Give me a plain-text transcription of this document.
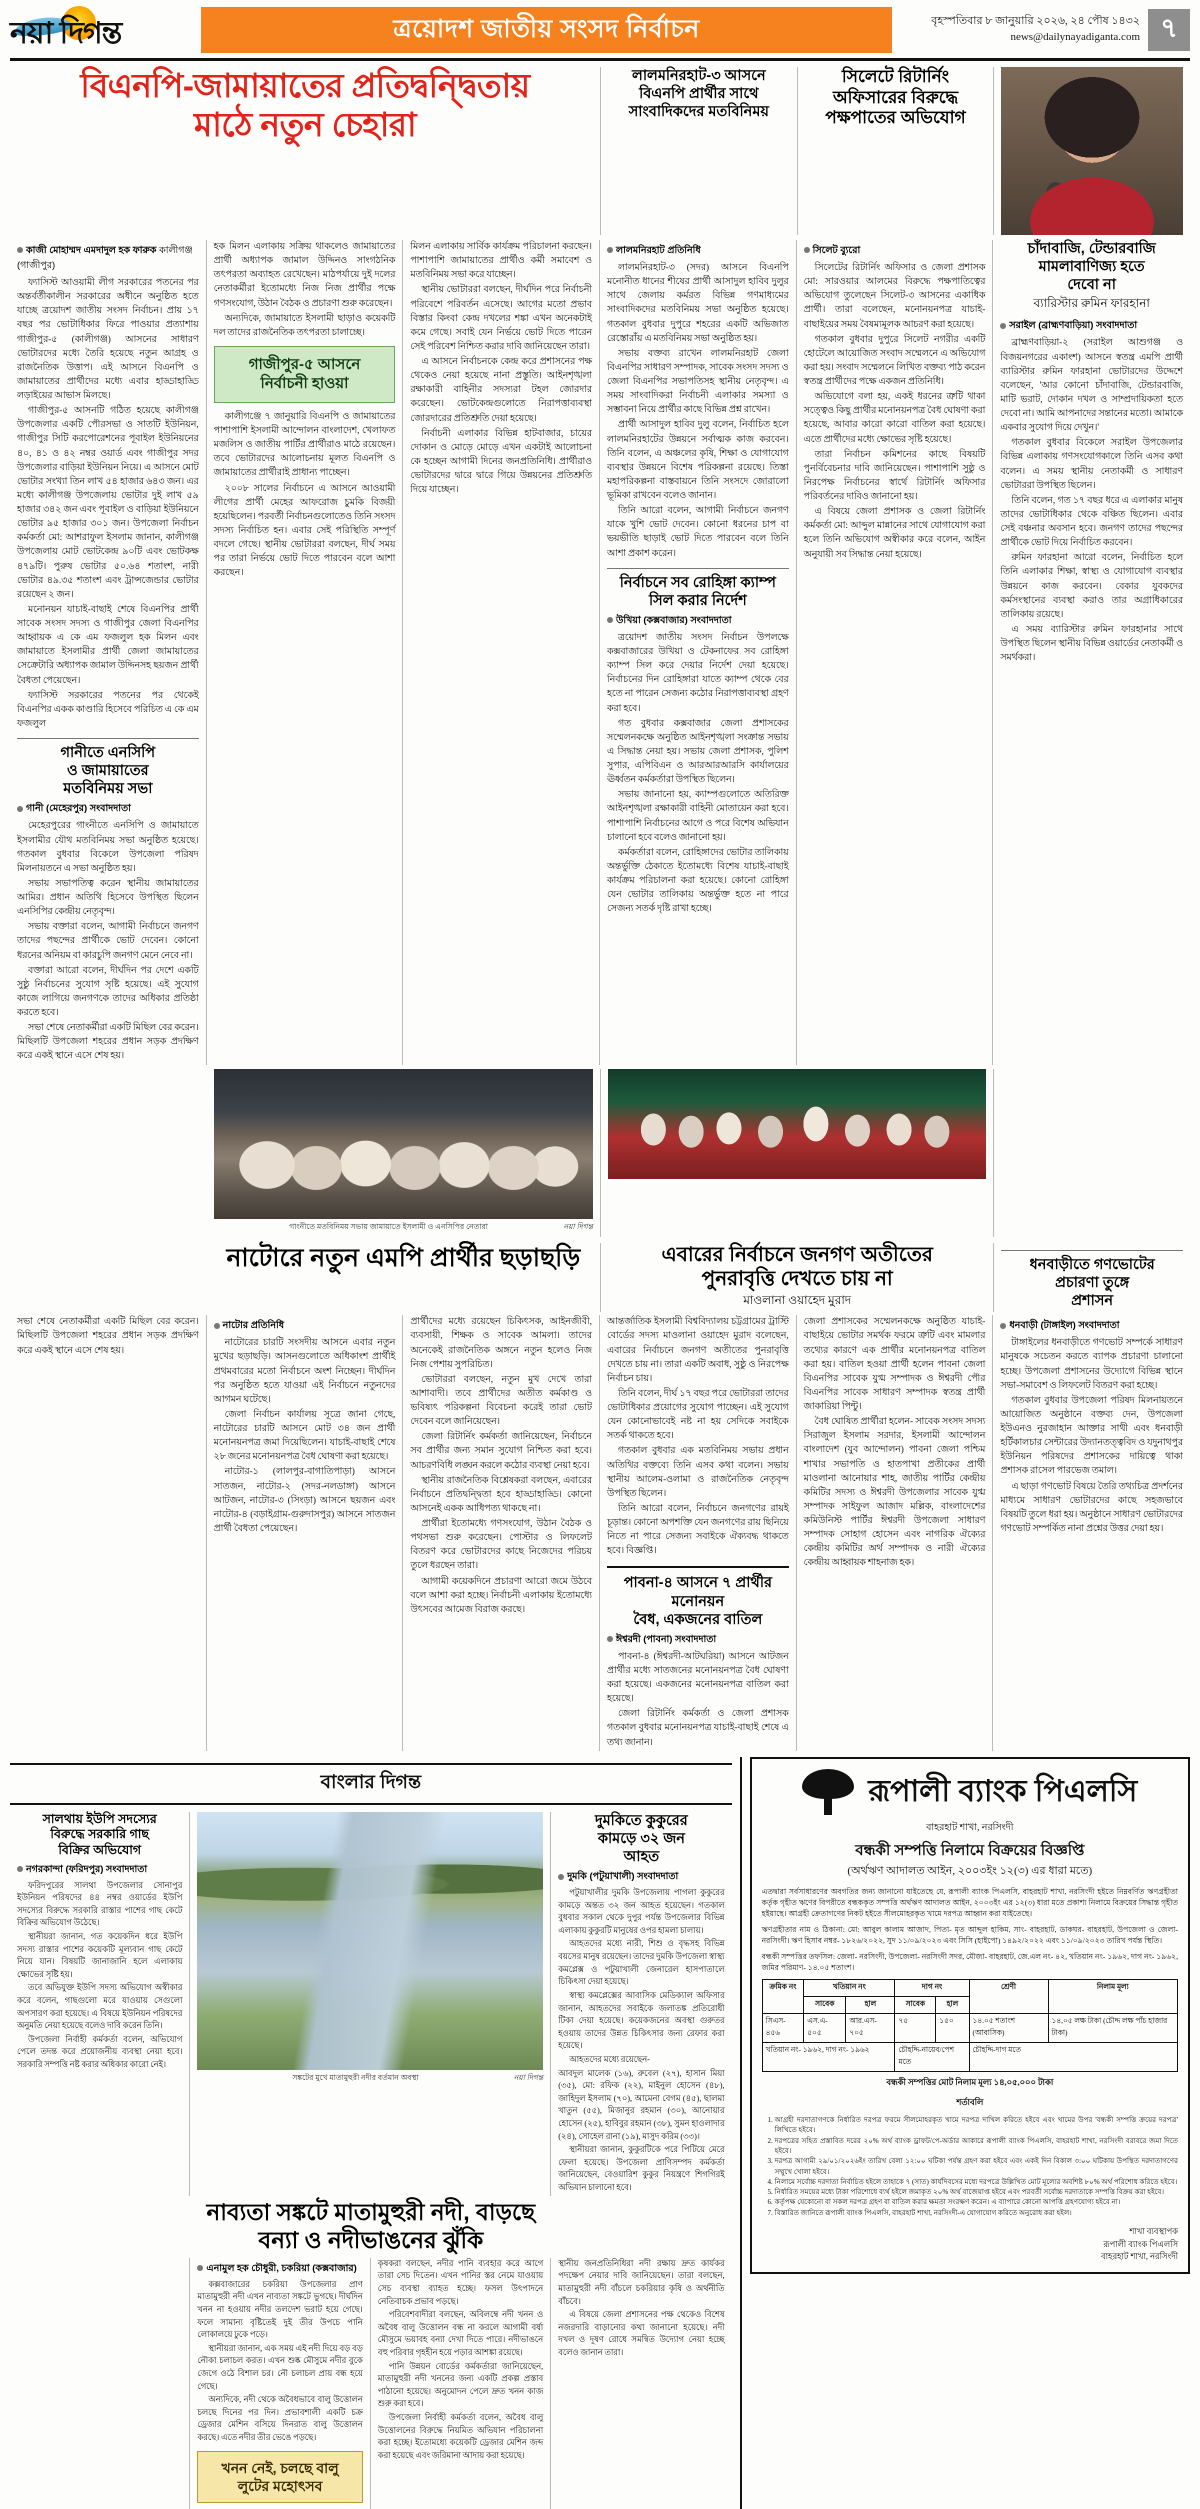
নয়া দিগন্ত	ত্রয়োদশ জাতীয় সংসদ নির্বাচন	বৃহস্পতিবার ৮ জানুয়ারি ২০২৬, ২৪ পৌষ ১৪৩২
news@dailynayadiganta.com ৭
বিএনপি-জামায়াতের প্রতিদ্বন্দ্বিতায়
মাঠে নতুন চেহারা
লালমনিরহাট-৩ আসনে বিএনপি প্রার্থীর সাথে সাংবাদিকদের মতবিনিময়
সিলেটে রিটার্নিং অফিসারের বিরুদ্ধে পক্ষপাতের অভিযোগ
কাজী মোহাম্মদ এমদাদুল হক ফারুক কালীগঞ্জ (গাজীপুর)

ফ্যাসিস্ট আওয়ামী লীগ সরকারের পতনের পর অন্তর্বর্তীকালীন সরকারের অধীনে অনুষ্ঠিত হতে যাচ্ছে ত্রয়োদশ জাতীয় সংসদ নির্বাচন। প্রায় ১৭ বছর পর ভোটাধিকার ফিরে পাওয়ার প্রত্যাশায় গাজীপুর-৫ (কালীগঞ্জ) আসনের সাধারণ ভোটারদের মধ্যে তৈরি হয়েছে নতুন আগ্রহ ও রাজনৈতিক উত্তাপ। এই আসনে বিএনপি ও জামায়াতের প্রার্থীদের মধ্যে এবার হাড্ডাহাড্ডি লড়াইয়ের আভাস মিলছে।

গাজীপুর-৫ আসনটি গঠিত হয়েছে কালীগঞ্জ উপজেলার একটি পৌরসভা ও সাতটি ইউনিয়ন, গাজীপুর সিটি করপোরেশনের পূবাইল ইউনিয়নের ৪০, ৪১ ও ৪২ নম্বর ওয়ার্ড এবং গাজীপুর সদর উপজেলার বাড়িয়া ইউনিয়ন নিয়ে। এ আসনে মোট ভোটার সংখ্যা তিন লাখ ৫৪ হাজার ৬৪৩ জন। এর মধ্যে কালীগঞ্জ উপজেলায় ভোটার দুই লাখ ৫৯ হাজার ৩৪২ জন এবং পূবাইল ও বাড়িয়া ইউনিয়নে ভোটার ৯৫ হাজার ৩০১ জন। উপজেলা নির্বাচন কর্মকর্তা মো: আশরাফুল ইসলাম জানান, কালীগঞ্জ উপজেলায় মোট ভোটকেন্দ্র ৯০টি এবং ভোটকক্ষ ৪৭৯টি। পুরুষ ভোটার ৫০.৬৪ শতাংশ, নারী ভোটার ৪৯.৩৫ শতাংশ এবং ট্রান্সজেন্ডার ভোটার রয়েছেন ২ জন।

মনোনয়ন যাচাই-বাছাই শেষে বিএনপির প্রার্থী সাবেক সংসদ সদস্য ও গাজীপুর জেলা বিএনপির আহ্বায়ক এ কে এম ফজলুল হক মিলন এবং জামায়াতে ইসলামীর প্রার্থী জেলা জামায়াতের সেক্রেটারি অধ্যাপক জামাল উদ্দিনসহ ছয়জন প্রার্থী বৈধতা পেয়েছেন।

ফ্যাসিস্ট সরকারের পতনের পর থেকেই বিএনপির একক কাণ্ডারি হিসেবে পরিচিত এ কে এম ফজলুল

গানীতে এনসিপি
ও জামায়াতের
মতবিনিময় সভা
গানী (মেহেরপুর) সংবাদদাতা

মেহেরপুরের গাংনীতে এনসিপি ও জামায়াতে ইসলামীর যৌথ মতবিনিময় সভা অনুষ্ঠিত হয়েছে। গতকাল বুধবার বিকেলে উপজেলা পরিষদ মিলনায়তনে এ সভা অনুষ্ঠিত হয়।

সভায় সভাপতিত্ব করেন স্থানীয় জামায়াতের আমির। প্রধান অতিথি হিসেবে উপস্থিত ছিলেন এনসিপির কেন্দ্রীয় নেতৃবৃন্দ।

সভায় বক্তারা বলেন, আগামী নির্বাচনে জনগণ তাদের পছন্দের প্রার্থীকে ভোট দেবেন। কোনো ধরনের অনিয়ম বা কারচুপি জনগণ মেনে নেবে না।

বক্তারা আরো বলেন, দীর্ঘদিন পর দেশে একটি সুষ্ঠু নির্বাচনের সুযোগ সৃষ্টি হয়েছে। এই সুযোগ কাজে লাগিয়ে জনগণকে তাদের অধিকার প্রতিষ্ঠা করতে হবে।

সভা শেষে নেতাকর্মীরা একটি মিছিল বের করেন। মিছিলটি উপজেলা শহরের প্রধান সড়ক প্রদক্ষিণ করে একই স্থানে এসে শেষ হয়।

হক মিলন এলাকায় সক্রিয় থাকলেও জামায়াতের প্রার্থী অধ্যাপক জামাল উদ্দিনও সাংগঠনিক তৎপরতা অব্যাহত রেখেছেন। মাঠপর্যায়ে দুই দলের নেতাকর্মীরা ইতোমধ্যে নিজ নিজ প্রার্থীর পক্ষে গণসংযোগ, উঠান বৈঠক ও প্রচারণা শুরু করেছেন।

অন্যদিকে, জামায়াতে ইসলামী ছাড়াও কয়েকটি দল তাদের রাজনৈতিক তৎপরতা চালাচ্ছে।

গাজীপুর-৫ আসনে
নির্বাচনী হাওয়া

কালীগঞ্জে ৭ জানুয়ারি বিএনপি ও জামায়াতের পাশাপাশি ইসলামী আন্দোলন বাংলাদেশ, খেলাফত মজলিস ও জাতীয় পার্টির প্রার্থীরাও মাঠে রয়েছেন। তবে ভোটারদের আলোচনায় মূলত বিএনপি ও জামায়াতের প্রার্থীরাই প্রাধান্য পাচ্ছেন।

২০০৮ সালের নির্বাচনে এ আসনে আওয়ামী লীগের প্রার্থী মেহের আফরোজ চুমকি বিজয়ী হয়েছিলেন। পরবর্তী নির্বাচনগুলোতেও তিনি সংসদ সদস্য নির্বাচিত হন। এবার সেই পরিস্থিতি সম্পূর্ণ বদলে গেছে। স্থানীয় ভোটাররা বলছেন, দীর্ঘ সময় পর তারা নির্ভয়ে ভোট দিতে পারবেন বলে আশা করছেন।

মিলন এলাকায় সার্বিক কার্যক্রম পরিচালনা করছেন। পাশাপাশি জামায়াতের প্রার্থীও কর্মী সমাবেশ ও মতবিনিময় সভা করে যাচ্ছেন।

স্থানীয় ভোটাররা বলছেন, দীর্ঘদিন পরে নির্বাচনী পরিবেশে পরিবর্তন এসেছে। আগের মতো প্রভাব বিস্তার কিংবা কেন্দ্র দখলের শঙ্কা এখন অনেকটাই কমে গেছে। সবাই যেন নির্ভয়ে ভোট দিতে পারেন সেই পরিবেশ নিশ্চিত করার দাবি জানিয়েছেন তারা।

এ আসনে নির্বাচনকে কেন্দ্র করে প্রশাসনের পক্ষ থেকেও নেয়া হয়েছে নানা প্রস্তুতি। আইনশৃঙ্খলা রক্ষাকারী বাহিনীর সদস্যরা টহল জোরদার করেছেন। ভোটকেন্দ্রগুলোতে নিরাপত্তাব্যবস্থা জোরদারের প্রতিশ্রুতি দেয়া হয়েছে।

নির্বাচনী এলাকার বিভিন্ন হাটবাজার, চায়ের দোকান ও মোড়ে মোড়ে এখন একটাই আলোচনা কে হচ্ছেন আগামী দিনের জনপ্রতিনিধি। প্রার্থীরাও ভোটারদের দ্বারে দ্বারে গিয়ে উন্নয়নের প্রতিশ্রুতি দিয়ে যাচ্ছেন।

লালমনিরহাট প্রতিনিধি

লালমনিরহাট-৩ (সদর) আসনে বিএনপি মনোনীত ধানের শীষের প্রার্থী আসাদুল হাবিব দুলুর সাথে জেলায় কর্মরত বিভিন্ন গণমাধ্যমের সাংবাদিকদের মতবিনিময় সভা অনুষ্ঠিত হয়েছে। গতকাল বুধবার দুপুরে শহরের একটি অভিজাত রেস্তোরাঁয় এ মতবিনিময় সভা অনুষ্ঠিত হয়।

সভায় বক্তব্য রাখেন লালমনিরহাট জেলা বিএনপির সাধারণ সম্পাদক, সাবেক সংসদ সদস্য ও জেলা বিএনপির সভাপতিসহ স্থানীয় নেতৃবৃন্দ। এ সময় সাংবাদিকরা নির্বাচনী এলাকার সমস্যা ও সম্ভাবনা নিয়ে প্রার্থীর কাছে বিভিন্ন প্রশ্ন রাখেন।

প্রার্থী আসাদুল হাবিব দুলু বলেন, নির্বাচিত হলে লালমনিরহাটের উন্নয়নে সর্বাত্মক কাজ করবেন। তিনি বলেন, এ অঞ্চলের কৃষি, শিক্ষা ও যোগাযোগ ব্যবস্থার উন্নয়নে বিশেষ পরিকল্পনা রয়েছে। তিস্তা মহাপরিকল্পনা বাস্তবায়নে তিনি সংসদে জোরালো ভূমিকা রাখবেন বলেও জানান।

তিনি আরো বলেন, আগামী নির্বাচনে জনগণ যাকে খুশি ভোট দেবেন। কোনো ধরনের চাপ বা ভয়ভীতি ছাড়াই ভোট দিতে পারবেন বলে তিনি আশা প্রকাশ করেন।

নির্বাচনে সব রোহিঙ্গা ক্যাম্প সিল করার নির্দেশ
উখিয়া (কক্সবাজার) সংবাদদাতা

ত্রয়োদশ জাতীয় সংসদ নির্বাচন উপলক্ষে কক্সবাজারের উখিয়া ও টেকনাফের সব রোহিঙ্গা ক্যাম্প সিল করে দেয়ার নির্দেশ দেয়া হয়েছে। নির্বাচনের দিন রোহিঙ্গারা যাতে ক্যাম্প থেকে বের হতে না পারেন সেজন্য কঠোর নিরাপত্তাব্যবস্থা গ্রহণ করা হবে।

গত বুধবার কক্সবাজার জেলা প্রশাসকের সম্মেলনকক্ষে অনুষ্ঠিত আইনশৃঙ্খলা সংক্রান্ত সভায় এ সিদ্ধান্ত নেয়া হয়। সভায় জেলা প্রশাসক, পুলিশ সুপার, এপিবিএন ও আরআরআরসি কার্যালয়ের ঊর্ধ্বতন কর্মকর্তারা উপস্থিত ছিলেন।

সভায় জানানো হয়, ক্যাম্পগুলোতে অতিরিক্ত আইনশৃঙ্খলা রক্ষাকারী বাহিনী মোতায়েন করা হবে। পাশাপাশি নির্বাচনের আগে ও পরে বিশেষ অভিযান চালানো হবে বলেও জানানো হয়।

কর্মকর্তারা বলেন, রোহিঙ্গাদের ভোটার তালিকায় অন্তর্ভুক্তি ঠেকাতে ইতোমধ্যে বিশেষ যাচাই-বাছাই কার্যক্রম পরিচালনা করা হয়েছে। কোনো রোহিঙ্গা যেন ভোটার তালিকায় অন্তর্ভুক্ত হতে না পারে সেজন্য সতর্ক দৃষ্টি রাখা হচ্ছে।

সিলেট ব্যুরো

সিলেটের রিটার্নিং অফিসার ও জেলা প্রশাসক মো: সারওয়ার আলমের বিরুদ্ধে পক্ষপাতিত্বের অভিযোগ তুলেছেন সিলেট-৩ আসনের একাধিক প্রার্থী। তারা বলেছেন, মনোনয়নপত্র যাচাই-বাছাইয়ের সময় বৈষম্যমূলক আচরণ করা হয়েছে।

গতকাল বুধবার দুপুরে সিলেট নগরীর একটি হোটেলে আয়োজিত সংবাদ সম্মেলনে এ অভিযোগ করা হয়। সংবাদ সম্মেলনে লিখিত বক্তব্য পাঠ করেন স্বতন্ত্র প্রার্থীদের পক্ষে একজন প্রতিনিধি।

অভিযোগে বলা হয়, একই ধরনের ত্রুটি থাকা সত্ত্বেও কিছু প্রার্থীর মনোনয়নপত্র বৈধ ঘোষণা করা হয়েছে, আবার কারো কারো বাতিল করা হয়েছে। এতে প্রার্থীদের মধ্যে ক্ষোভের সৃষ্টি হয়েছে।

তারা নির্বাচন কমিশনের কাছে বিষয়টি পুনর্বিবেচনার দাবি জানিয়েছেন। পাশাপাশি সুষ্ঠু ও নিরপেক্ষ নির্বাচনের স্বার্থে রিটার্নিং অফিসার পরিবর্তনের দাবিও জানানো হয়।

এ বিষয়ে জেলা প্রশাসক ও জেলা রিটার্নিং কর্মকর্তা মো: আব্দুল মান্নানের সাথে যোগাযোগ করা হলে তিনি অভিযোগ অস্বীকার করে বলেন, আইন অনুযায়ী সব সিদ্ধান্ত নেয়া হয়েছে।

চাঁদাবাজি, টেন্ডারবাজি
মামলাবাণিজ্য হতে
দেবো না
ব্যারিস্টার রুমিন ফারহানা
সরাইল (ব্রাহ্মণবাড়িয়া) সংবাদদাতা

ব্রাহ্মণবাড়িয়া-২ (সরাইল আশুগঞ্জ ও বিজয়নগরের একাংশ) আসনে স্বতন্ত্র এমপি প্রার্থী ব্যারিস্টার রুমিন ফারহানা ভোটারদের উদ্দেশে বলেছেন, 'আর কোনো চাঁদাবাজি, টেন্ডারবাজি, মাটি ভরাট, দোকান দখল ও সাম্প্রদায়িকতা হতে দেবো না। আমি আপনাদের সন্তানের মতো। আমাকে একবার সুযোগ দিয়ে দেখুন।'

গতকাল বুধবার বিকেলে সরাইল উপজেলার বিভিন্ন এলাকায় গণসংযোগকালে তিনি এসব কথা বলেন। এ সময় স্থানীয় নেতাকর্মী ও সাধারণ ভোটাররা উপস্থিত ছিলেন।

তিনি বলেন, গত ১৭ বছর ধরে এ এলাকার মানুষ তাদের ভোটাধিকার থেকে বঞ্চিত ছিলেন। এবার সেই বঞ্চনার অবসান হবে। জনগণ তাদের পছন্দের প্রার্থীকে ভোট দিয়ে নির্বাচিত করবেন।

রুমিন ফারহানা আরো বলেন, নির্বাচিত হলে তিনি এলাকার শিক্ষা, স্বাস্থ্য ও যোগাযোগ ব্যবস্থার উন্নয়নে কাজ করবেন। বেকার যুবকদের কর্মসংস্থানের ব্যবস্থা করাও তার অগ্রাধিকারের তালিকায় রয়েছে।

এ সময় ব্যারিস্টার রুমিন ফারহানার সাথে উপস্থিত ছিলেন স্থানীয় বিভিন্ন ওয়ার্ডের নেতাকর্মী ও সমর্থকরা।

গাংনীতে মতবিনিময় সভায় জামায়াতে ইসলামী ও এনসিপির নেতারা	নয়া দিগন্ত
নাটোরে নতুন এমপি প্রার্থীর ছড়াছড়ি	এবারের নির্বাচনে জনগণ অতীতের
পুনরাবৃত্তি দেখতে চায় না
মাওলানা ওয়াহেদ মুরাদ
ধনবাড়ীতে গণভোটের
প্রচারণা তুঙ্গে
প্রশাসন

সভা শেষে নেতাকর্মীরা একটি মিছিল বের করেন। মিছিলটি উপজেলা শহরের প্রধান সড়ক প্রদক্ষিণ করে একই স্থানে এসে শেষ হয়।

নাটোর প্রতিনিধি

নাটোরের চারটি সংসদীয় আসনে এবার নতুন মুখের ছড়াছড়ি। আসনগুলোতে অধিকাংশ প্রার্থীই প্রথমবারের মতো নির্বাচনে অংশ নিচ্ছেন। দীর্ঘদিন পর অনুষ্ঠিত হতে যাওয়া এই নির্বাচনে নতুনদের আগমন ঘটেছে।

জেলা নির্বাচন কার্যালয় সূত্রে জানা গেছে, নাটোরের চারটি আসনে মোট ৩৪ জন প্রার্থী মনোনয়নপত্র জমা দিয়েছিলেন। যাচাই-বাছাই শেষে ২৮ জনের মনোনয়নপত্র বৈধ ঘোষণা করা হয়েছে।

নাটোর-১ (লালপুর-বাগাতিপাড়া) আসনে সাতজন, নাটোর-২ (সদর-নলডাঙ্গা) আসনে আটজন, নাটোর-৩ (সিংড়া) আসনে ছয়জন এবং নাটোর-৪ (বড়াইগ্রাম-গুরুদাসপুর) আসনে সাতজন প্রার্থী বৈধতা পেয়েছেন।

প্রার্থীদের মধ্যে রয়েছেন চিকিৎসক, আইনজীবী, ব্যবসায়ী, শিক্ষক ও সাবেক আমলা। তাদের অনেকেই রাজনৈতিক অঙ্গনে নতুন হলেও নিজ নিজ পেশায় সুপরিচিত।

ভোটাররা বলছেন, নতুন মুখ দেখে তারা আশাবাদী। তবে প্রার্থীদের অতীত কর্মকাণ্ড ও ভবিষ্যৎ পরিকল্পনা বিবেচনা করেই তারা ভোট দেবেন বলে জানিয়েছেন।

জেলা রিটার্নিং কর্মকর্তা জানিয়েছেন, নির্বাচনে সব প্রার্থীর জন্য সমান সুযোগ নিশ্চিত করা হবে। আচরণবিধি লঙ্ঘন করলে কঠোর ব্যবস্থা নেয়া হবে।

স্থানীয় রাজনৈতিক বিশ্লেষকরা বলছেন, এবারের নির্বাচনে প্রতিদ্বন্দ্বিতা হবে হাড্ডাহাড্ডি। কোনো আসনেই একক আধিপত্য থাকছে না।

প্রার্থীরা ইতোমধ্যে গণসংযোগ, উঠান বৈঠক ও পথসভা শুরু করেছেন। পোস্টার ও লিফলেট বিতরণ করে ভোটারদের কাছে নিজেদের পরিচয় তুলে ধরছেন তারা।

আগামী কয়েকদিনে প্রচারণা আরো জমে উঠবে বলে আশা করা হচ্ছে। নির্বাচনী এলাকায় ইতোমধ্যে উৎসবের আমেজ বিরাজ করছে।

আন্তর্জাতিক ইসলামী বিশ্ববিদ্যালয় চট্টগ্রামের ট্রাস্টি বোর্ডের সদস্য মাওলানা ওয়াহেদ মুরাদ বলেছেন, এবারের নির্বাচনে জনগণ অতীতের পুনরাবৃত্তি দেখতে চায় না। তারা একটি অবাধ, সুষ্ঠু ও নিরপেক্ষ নির্বাচন চায়।

তিনি বলেন, দীর্ঘ ১৭ বছর পরে ভোটাররা তাদের ভোটাধিকার প্রয়োগের সুযোগ পাচ্ছেন। এই সুযোগ যেন কোনোভাবেই নষ্ট না হয় সেদিকে সবাইকে সতর্ক থাকতে হবে।

গতকাল বুধবার এক মতবিনিময় সভায় প্রধান অতিথির বক্তব্যে তিনি এসব কথা বলেন। সভায় স্থানীয় আলেম-ওলামা ও রাজনৈতিক নেতৃবৃন্দ উপস্থিত ছিলেন।

তিনি আরো বলেন, নির্বাচনে জনগণের রায়ই চূড়ান্ত। কোনো অপশক্তি যেন জনগণের রায় ছিনিয়ে নিতে না পারে সেজন্য সবাইকে ঐক্যবদ্ধ থাকতে হবে। বিজ্ঞপ্তি।

পাবনা-৪ আসনে ৭ প্রার্থীর মনোনয়ন
বৈধ, একজনের বাতিল
ঈশ্বরদী (পাবনা) সংবাদদাতা

পাবনা-৪ (ঈশ্বরদী-আটঘরিয়া) আসনে আটজন প্রার্থীর মধ্যে সাতজনের মনোনয়নপত্র বৈধ ঘোষণা করা হয়েছে। একজনের মনোনয়নপত্র বাতিল করা হয়েছে।

জেলা রিটার্নিং কর্মকর্তা ও জেলা প্রশাসক গতকাল বুধবার মনোনয়নপত্র যাচাই-বাছাই শেষে এ তথ্য জানান।

জেলা প্রশাসকের সম্মেলনকক্ষে অনুষ্ঠিত যাচাই-বাছাইয়ে ভোটার সমর্থক ফরমে ত্রুটি এবং মামলার তথ্যের কারণে এক প্রার্থীর মনোনয়নপত্র বাতিল করা হয়। বাতিল হওয়া প্রার্থী হলেন পাবনা জেলা বিএনপির সাবেক যুগ্ম সম্পাদক ও ঈশ্বরদী পৌর বিএনপির সাবেক সাধারণ সম্পাদক স্বতন্ত্র প্রার্থী জাকারিয়া পিন্টু।

বৈধ ঘোষিত প্রার্থীরা হলেন- সাবেক সংসদ সদস্য সিরাজুল ইসলাম সরদার, ইসলামী আন্দোলন বাংলাদেশ (যুব আন্দোলন) পাবনা জেলা পশ্চিম শাখার সভাপতি ও হাতপাখা প্রতীকের প্রার্থী মাওলানা আনোয়ার শাহ, জাতীয় পার্টির কেন্দ্রীয় কমিটির সদস্য ও ঈশ্বরদী উপজেলার সাবেক যুগ্ম সম্পাদক সাইফুল আজাদ মল্লিক, বাংলাদেশের কমিউনিস্ট পার্টির ঈশ্বরদী উপজেলা সাধারণ সম্পাদক সোহাগ হোসেন এবং নাগরিক ঐক্যের কেন্দ্রীয় কমিটির অর্থ সম্পাদক ও নারী ঐক্যের কেন্দ্রীয় আহ্বায়ক শাহনাজ হক।

ধনবাড়ী (টাঙ্গাইল) সংবাদদাতা

টাঙ্গাইলের ধনবাড়ীতে গণভোট সম্পর্কে সাধারণ মানুষকে সচেতন করতে ব্যাপক প্রচারণা চালানো হচ্ছে। উপজেলা প্রশাসনের উদ্যোগে বিভিন্ন স্থানে সভা-সমাবেশ ও লিফলেট বিতরণ করা হচ্ছে।

গতকাল বুধবার উপজেলা পরিষদ মিলনায়তনে আয়োজিত অনুষ্ঠানে বক্তব্য দেন, উপজেলা ইউএনও নুরজাহান আক্তার সাথী এবং ধনবাড়ী হর্টিকালচার সেন্টারের উদ্যানতত্ত্ববিদ ও যদুনাথপুর ইউনিয়ন পরিষদের প্রশাসকের দায়িত্বে থাকা প্রশাসক রাসেল পারভেজ তমাল।

এ ছাড়া গণভোট বিষয়ে তৈরি তথ্যচিত্র প্রদর্শনের মাধ্যমে সাধারণ ভোটারদের কাছে সহজভাবে বিষয়টি তুলে ধরা হয়। অনুষ্ঠানে সাধারণ ভোটারদের গণভোট সম্পর্কিত নানা প্রশ্নের উত্তর দেয়া হয়।

বাংলার দিগন্ত
সালথায় ইউপি সদস্যের
বিরুদ্ধে সরকারি গাছ
বিক্রির অভিযোগ
নগরকান্দা (ফরিদপুর) সংবাদদাতা

ফরিদপুরের সালথা উপজেলার সোনাপুর ইউনিয়ন পরিষদের ৪৪ নম্বর ওয়ার্ডের ইউপি সদস্যের বিরুদ্ধে সরকারি রাস্তার পাশের গাছ কেটে বিক্রির অভিযোগ উঠেছে।

স্থানীয়রা জানান, গত কয়েকদিন ধরে ইউপি সদস্য রাস্তার পাশের কয়েকটি মূল্যবান গাছ কেটে নিয়ে যান। বিষয়টি জানাজানি হলে এলাকায় ক্ষোভের সৃষ্টি হয়।

তবে অভিযুক্ত ইউপি সদস্য অভিযোগ অস্বীকার করে বলেন, গাছগুলো মরে যাওয়ায় সেগুলো অপসারণ করা হয়েছে। এ বিষয়ে ইউনিয়ন পরিষদের অনুমতি নেয়া হয়েছে বলেও দাবি করেন তিনি।

উপজেলা নির্বাহী কর্মকর্তা বলেন, অভিযোগ পেলে তদন্ত করে প্রয়োজনীয় ব্যবস্থা নেয়া হবে। সরকারি সম্পত্তি নষ্ট করার অধিকার কারো নেই।

সঙ্কটের মুখে মাতামুহুরী নদীর বর্তমান অবস্থা	নয়া দিগন্ত
দুমকিতে কুকুরের
কামড়ে ৩২ জন
আহত
দুমকি (পটুয়াখালী) সংবাদদাতা

পটুয়াখালীর দুমকি উপজেলায় পাগলা কুকুরের কামড়ে অন্তত ৩২ জন আহত হয়েছেন। গতকাল বুধবার সকাল থেকে দুপুর পর্যন্ত উপজেলার বিভিন্ন এলাকায় কুকুরটি মানুষের ওপর হামলা চালায়।

আহতদের মধ্যে নারী, শিশু ও বৃদ্ধসহ বিভিন্ন বয়সের মানুষ রয়েছেন। তাদের দুমকি উপজেলা স্বাস্থ্য কমপ্লেক্স ও পটুয়াখালী জেনারেল হাসপাতালে চিকিৎসা দেয়া হয়েছে।

স্বাস্থ্য কমপ্লেক্সের আবাসিক মেডিক্যাল অফিসার জানান, আহতদের সবাইকে জলাতঙ্ক প্রতিরোধী টিকা দেয়া হয়েছে। কয়েকজনের অবস্থা গুরুতর হওয়ায় তাদের উন্নত চিকিৎসার জন্য রেফার করা হয়েছে।

আহতদের মধ্যে রয়েছেন-

আবদুল মালেক (১৬), রুবেল (২৭), হাসান মিয়া (৩৫), মো: রফিক (২২), মাইনুল হোসেন (৪৮), জাহিদুল ইসলাম (৭০), আমেনা বেগম (৪৫), ছালমা খাতুন (৫৫), মিজানুর রহমান (৩০), আনোয়ার হোসেন (২৫), হাবিবুর রহমান (৩৮), সুমন হাওলাদার (২৪), সোহেল রানা (১৯), মাসুদ করিম (৩৩)।

স্থানীয়রা জানান, কুকুরটিকে পরে পিটিয়ে মেরে ফেলা হয়েছে। উপজেলা প্রাণিসম্পদ কর্মকর্তা জানিয়েছেন, বেওয়ারিশ কুকুর নিয়ন্ত্রণে শিগগিরই অভিযান চালানো হবে।

নাব্যতা সঙ্কটে মাতামুহুরী নদী, বাড়ছে
বন্যা ও নদীভাঙনের ঝুঁকি
এনামুল হক চৌধুরী, চকরিয়া (কক্সবাজার)

কক্সবাজারের চকরিয়া উপজেলার প্রাণ মাতামুহুরী নদী এখন নাব্যতা সঙ্কটে ভুগছে। দীর্ঘদিন খনন না হওয়ায় নদীর তলদেশ ভরাট হয়ে গেছে। ফলে সামান্য বৃষ্টিতেই দুই তীর উপচে পানি লোকালয়ে ঢুকে পড়ে।

স্থানীয়রা জানান, এক সময় এই নদী দিয়ে বড় বড় নৌকা চলাচল করত। এখন শুষ্ক মৌসুমে নদীর বুকে জেগে ওঠে বিশাল চর। নৌ চলাচল প্রায় বন্ধ হয়ে গেছে।

অন্যদিকে, নদী থেকে অবৈধভাবে বালু উত্তোলন চলছে দিনের পর দিন। প্রভাবশালী একটি চক্র ড্রেজার মেশিন বসিয়ে দিনরাত বালু উত্তোলন করছে। এতে নদীর তীর ভেঙে পড়ছে।

খনন নেই, চলছে বালু
লুটের মহোৎসব

কৃষকরা বলছেন, নদীর পানি ব্যবহার করে আগে তারা সেচ দিতেন। এখন পানির স্তর নেমে যাওয়ায় সেচ ব্যবস্থা ব্যাহত হচ্ছে। ফসল উৎপাদনে নেতিবাচক প্রভাব পড়ছে।

পরিবেশবাদীরা বলছেন, অবিলম্বে নদী খনন ও অবৈধ বালু উত্তোলন বন্ধ না করলে আগামী বর্ষা মৌসুমে ভয়াবহ বন্যা দেখা দিতে পারে। নদীভাঙনে বহু পরিবার গৃহহীন হয়ে পড়ার আশঙ্কা রয়েছে।

পানি উন্নয়ন বোর্ডের কর্মকর্তারা জানিয়েছেন, মাতামুহুরী নদী খননের জন্য একটি প্রকল্প প্রস্তাব পাঠানো হয়েছে। অনুমোদন পেলে দ্রুত খনন কাজ শুরু করা হবে।

উপজেলা নির্বাহী কর্মকর্তা বলেন, অবৈধ বালু উত্তোলনের বিরুদ্ধে নিয়মিত অভিযান পরিচালনা করা হচ্ছে। ইতোমধ্যে কয়েকটি ড্রেজার মেশিন জব্দ করা হয়েছে এবং জরিমানা আদায় করা হয়েছে।

স্থানীয় জনপ্রতিনিধিরা নদী রক্ষায় দ্রুত কার্যকর পদক্ষেপ নেয়ার দাবি জানিয়েছেন। তারা বলছেন, মাতামুহুরী নদী বাঁচলে চকরিয়ার কৃষি ও অর্থনীতি বাঁচবে।

এ বিষয়ে জেলা প্রশাসনের পক্ষ থেকেও বিশেষ নজরদারি বাড়ানোর কথা জানানো হয়েছে। নদী দখল ও দূষণ রোধে সমন্বিত উদ্যোগ নেয়া হচ্ছে বলেও জানান তারা।

রূপালী ব্যাংক পিএলসি
বাহরহাট শাখা, নরসিংদী
বন্ধকী সম্পত্তি নিলামে বিক্রয়ের বিজ্ঞপ্তি
(অর্থঋণ আদালত আইন, ২০০৩ইং ১২(৩) এর ধারা মতে)
এতদ্বারা সর্বসাধারণের অবগতির জন্য জানানো যাইতেছে যে, রূপালী ব্যাংক পিএলসি, বাহরহাট শাখা, নরসিংদী হইতে নিম্নবর্ণিত ঋণগ্রহীতা কর্তৃক গৃহীত ঋণের বিপরীতে বন্ধককৃত সম্পত্তি অর্থঋণ আদালত আইন, ২০০৩ইং এর ১২(৩) ধারা মতে প্রকাশ্য নিলামে বিক্রয়ের সিদ্ধান্ত গৃহীত হইয়াছে। আগ্রহী ক্রেতাগণের নিকট হইতে সীলমোহরকৃত খামে দরপত্র আহ্বান করা যাইতেছে।
ঋণগ্রহীতার নাম ও ঠিকানা: মো: আবুল কালাম আজাদ, পিতা- মৃত আব্দুল হাকিম, সাং- বাহরহাট, ডাকঘর- বাহরহাট, উপজেলা ও জেলা- নরসিংদী। ঋণ হিসাব নম্বর- ১৮২৬/২০২২, সুদ ১১/০৯/২০২৩ এবং সিসি (হাইপো) ১৪৯২/২০২২ এবং ১১/০৯/২০২৩ তারিখ পর্যন্ত স্থিতি।
বন্ধকী সম্পত্তির তফসিল: জেলা- নরসিংদী, উপজেলা- নরসিংদী সদর, মৌজা- বাহরহাট, জে.এল নং- ৪২, খতিয়ান নং- ১৯৬২, দাগ নং- ১৯৬২, জমির পরিমাণ- ১৪.০৫ শতাংশ।
ক্রমিক নং	খতিয়ান নং		দাগ নং		শ্রেণী	নিলাম মূল্য
	সাবেক	হাল	সাবেক	হাল		
সিএস- ৪৫৬	এস.এ- ৫০৫	আর.এস- ৭০৫	৭৫	১৫০	১৪.০৫ শতাংশ (আবাসিক)	১৪,০৫ লক্ষ টাকা (চৌদ্দ লক্ষ পাঁচ হাজার টাকা)
খতিয়ান নং- ১৯৬২, দাগ নং- ১৯৬২			চৌহদ্দি-নায়েব/পেশ মতে		চৌহদ্দি-দাগ মতে	
বন্ধকী সম্পত্তির মোট নিলাম মূল্য ১৪,০৫,০০০ টাকা
শর্তাবলি
1. আগ্রহী দরদাতাগণকে নির্ধারিত দরপত্র ফরমে সীলমোহরকৃত খামে দরপত্র দাখিল করিতে হইবে এবং খামের উপর 'বন্ধকী সম্পত্তি ক্রয়ের দরপত্র' লিখিতে হইবে।
2. দরপত্রের সহিত প্রস্তাবিত দরের ২০% অর্থ ব্যাংক ড্রাফট/পে-অর্ডার আকারে রূপালী ব্যাংক পিএলসি, বাহরহাট শাখা, নরসিংদী বরাবরে জমা দিতে হইবে।
3. দরপত্র আগামী ২৯/০১/২০২৬ইং তারিখ বেলা ১২:০০ ঘটিকা পর্যন্ত গ্রহণ করা হইবে এবং একই দিন বিকাল ৩:০০ ঘটিকায় উপস্থিত দরদাতাগণের সম্মুখে খোলা হইবে।
4. নিলামে সর্বোচ্চ দরদাতা নির্বাচিত হইলে তাহাকে ৭ (সাত) কার্যদিবসের মধ্যে দরপত্রে উল্লিখিত মোট মূল্যের অবশিষ্ট ৮০% অর্থ পরিশোধ করিতে হইবে।
5. নির্ধারিত সময়ের মধ্যে টাকা পরিশোধে ব্যর্থ হইলে জমাকৃত ২০% অর্থ বাজেয়াপ্ত হইবে এবং পরবর্তী সর্বোচ্চ দরদাতাকে সম্পত্তি বিক্রয় করা হইবে।
6. কর্তৃপক্ষ যেকোনো বা সকল দরপত্র গ্রহণ বা বাতিল করার ক্ষমতা সংরক্ষণ করেন। এ ব্যাপারে কোনো আপত্তি গ্রহণযোগ্য হইবে না।
7. বিস্তারিত জানিতে রূপালী ব্যাংক পিএলসি, বাহরহাট শাখা, নরসিংদী-এ যোগাযোগ করিতে অনুরোধ করা হইল।
শাখা ব্যবস্থাপক
রূপালী ব্যাংক পিএলসি
বাহরহাট শাখা, নরসিংদী
